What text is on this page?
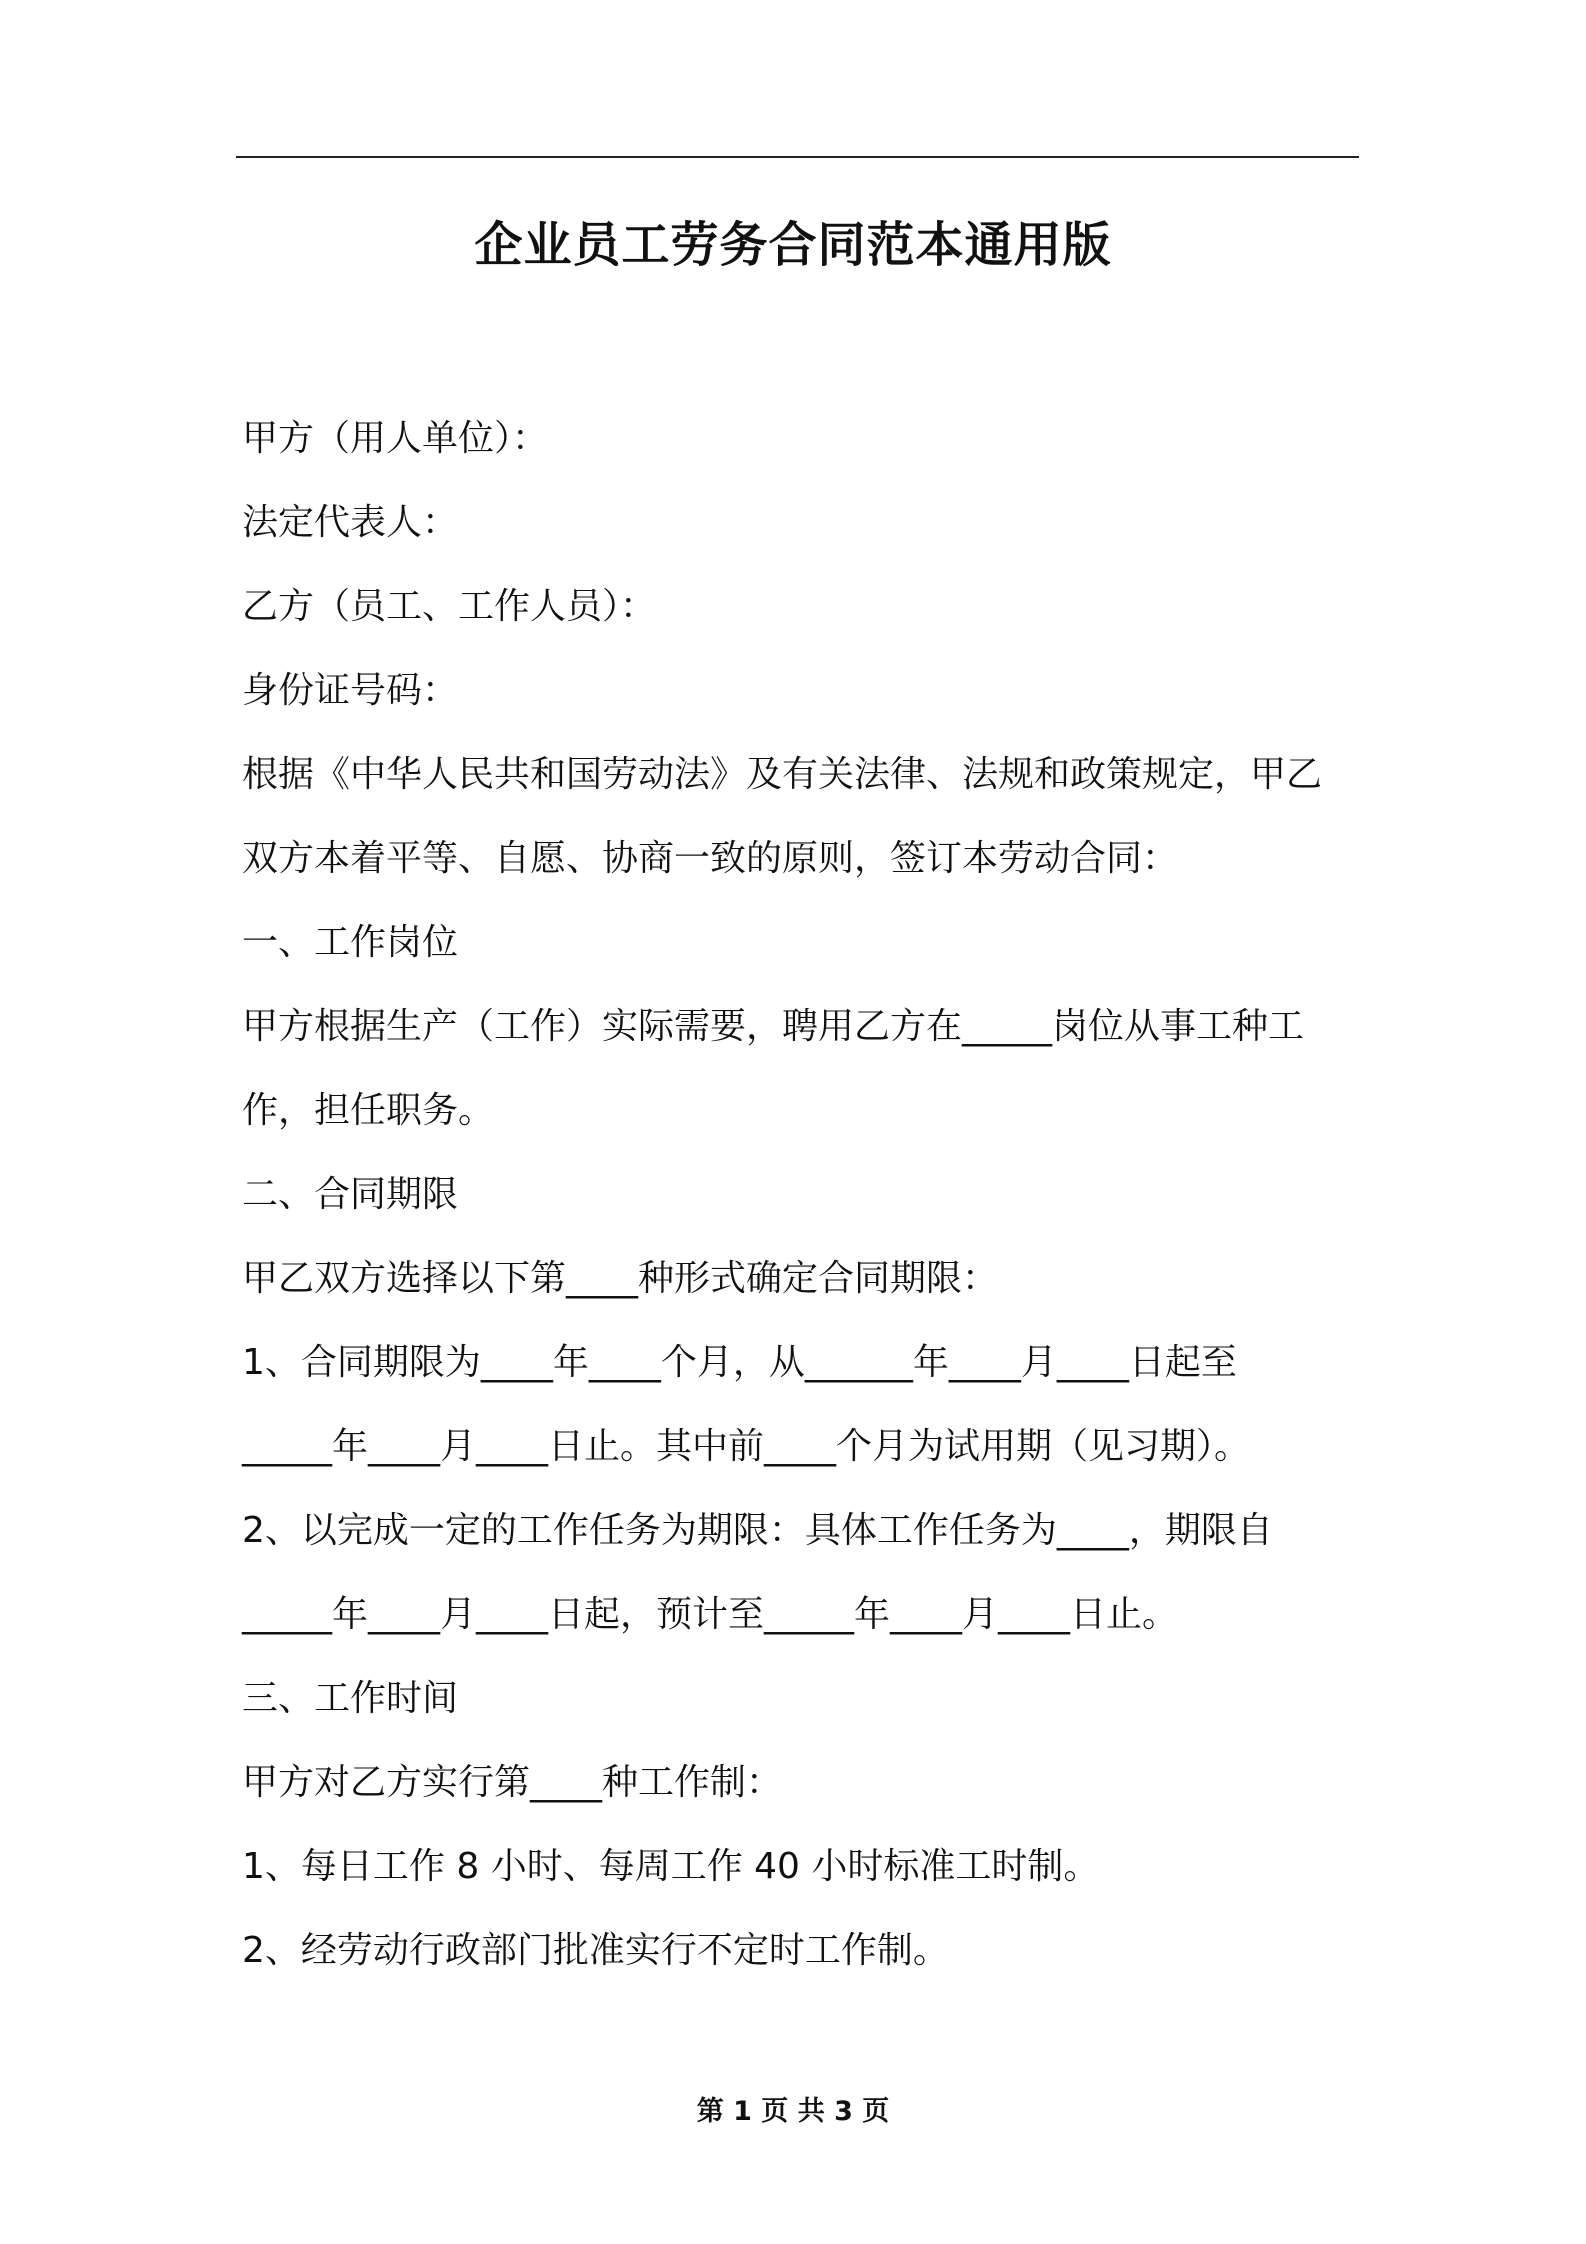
企业员工劳务合同范本通用版

甲方（用人单位）：

法定代表人：

乙方（员工、工作人员）：

身份证号码：

根据《中华人民共和国劳动法》及有关法律、法规和政策规定，甲乙

双方本着平等、自愿、协商一致的原则，签订本劳动合同：

一、工作岗位

甲方根据生产（工作）实际需要，聘用乙方在_____岗位从事工种工

作，担任职务。

二、合同期限

甲乙双方选择以下第____种形式确定合同期限：

1、合同期限为____年____个月，从______年____月____日起至

_____年____月____日止。其中前____个月为试用期（见习期）。

2、以完成一定的工作任务为期限：具体工作任务为____，期限自

_____年____月____日起，预计至_____年____月____日止。

三、工作时间

甲方对乙方实行第____种工作制：

1、每日工作 8 小时、每周工作 40 小时标准工时制。

2、经劳动行政部门批准实行不定时工作制。

第 1 页 共 3 页
